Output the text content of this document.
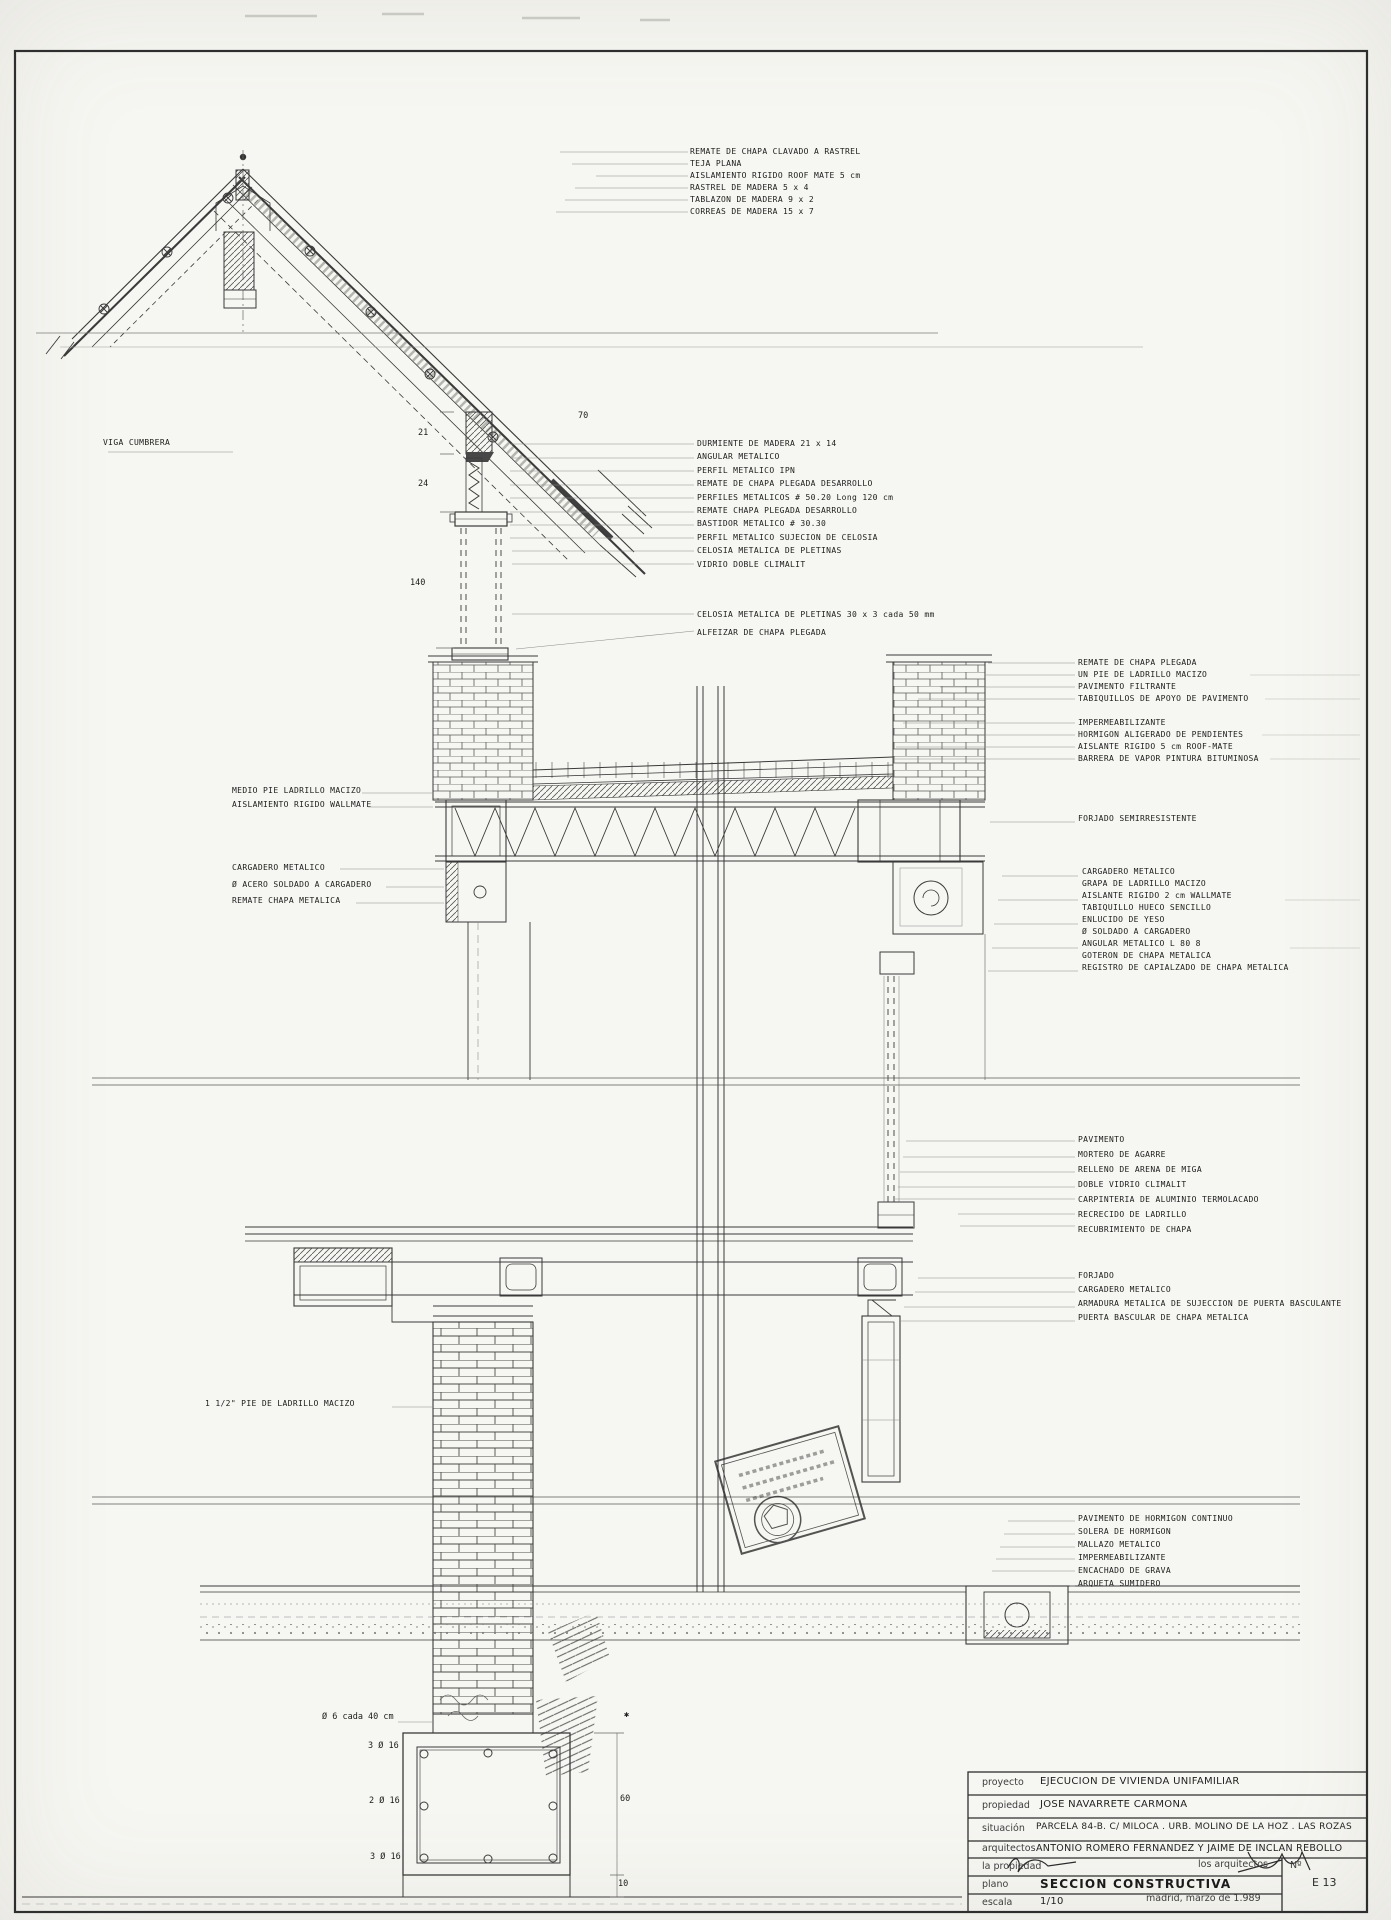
REMATE DE CHAPA CLAVADO A RASTREL
TEJA PLANA
AISLAMIENTO RIGIDO ROOF MATE 5 cm
RASTREL DE MADERA 5 x 4
TABLAZON DE MADERA 9 x 2
CORREAS DE MADERA 15 x 7
DURMIENTE DE MADERA 21 x 14
ANGULAR METALICO
PERFIL METALICO IPN
REMATE DE CHAPA PLEGADA DESARROLLO
PERFILES METALICOS # 50.20 Long 120 cm
REMATE CHAPA PLEGADA DESARROLLO
BASTIDOR METALICO # 30.30
PERFIL METALICO SUJECION DE CELOSIA
CELOSIA METALICA DE PLETINAS
VIDRIO DOBLE CLIMALIT
CELOSIA METALICA DE PLETINAS 30 x 3 cada 50 mm
ALFEIZAR DE CHAPA PLEGADA
REMATE DE CHAPA PLEGADA
UN PIE DE LADRILLO MACIZO
PAVIMENTO FILTRANTE
TABIQUILLOS DE APOYO DE PAVIMENTO
IMPERMEABILIZANTE
HORMIGON ALIGERADO DE PENDIENTES
AISLANTE RIGIDO 5 cm ROOF-MATE
BARRERA DE VAPOR PINTURA BITUMINOSA
FORJADO SEMIRRESISTENTE
CARGADERO METALICO
GRAPA DE LADRILLO MACIZO
AISLANTE RIGIDO 2 cm WALLMATE
TABIQUILLO HUECO SENCILLO
ENLUCIDO DE YESO
Ø SOLDADO A CARGADERO
ANGULAR METALICO L 80 8
GOTERON DE CHAPA METALICA
REGISTRO DE CAPIALZADO DE CHAPA METALICA
PAVIMENTO
MORTERO DE AGARRE
RELLENO DE ARENA DE MIGA
DOBLE VIDRIO CLIMALIT
CARPINTERIA DE ALUMINIO TERMOLACADO
RECRECIDO DE LADRILLO
RECUBRIMIENTO DE CHAPA
FORJADO
CARGADERO METALICO
ARMADURA METALICA DE SUJECCION DE PUERTA BASCULANTE
PUERTA BASCULAR DE CHAPA METALICA
PAVIMENTO DE HORMIGON CONTINUO
SOLERA DE HORMIGON
MALLAZO METALICO
IMPERMEABILIZANTE
ENCACHADO DE GRAVA
ARQUETA SUMIDERO
VIGA CUMBRERA
MEDIO PIE LADRILLO MACIZO
AISLAMIENTO RIGIDO WALLMATE
CARGADERO METALICO
Ø ACERO SOLDADO A CARGADERO
REMATE CHAPA METALICA
1 1/2" PIE DE LADRILLO MACIZO
21
24
140
70
Ø 6 cada 40 cm
3 Ø 16
2 Ø 16
3 Ø 16
60
10
✱
proyecto EJECUCION DE VIVIENDA UNIFAMILIAR
propiedad JOSE NAVARRETE CARMONA
situación PARCELA 84-B. C/ MILOCA . URB. MOLINO DE LA HOZ . LAS ROZAS
arquitectos ANTONIO ROMERO FERNANDEZ Y JAIME DE INCLAN REBOLLO
la propiedad	los arquitectos
plano	SECCION CONSTRUCTIVA
escala	1/10	madrid, marzo de 1.989
Nº
E 13
